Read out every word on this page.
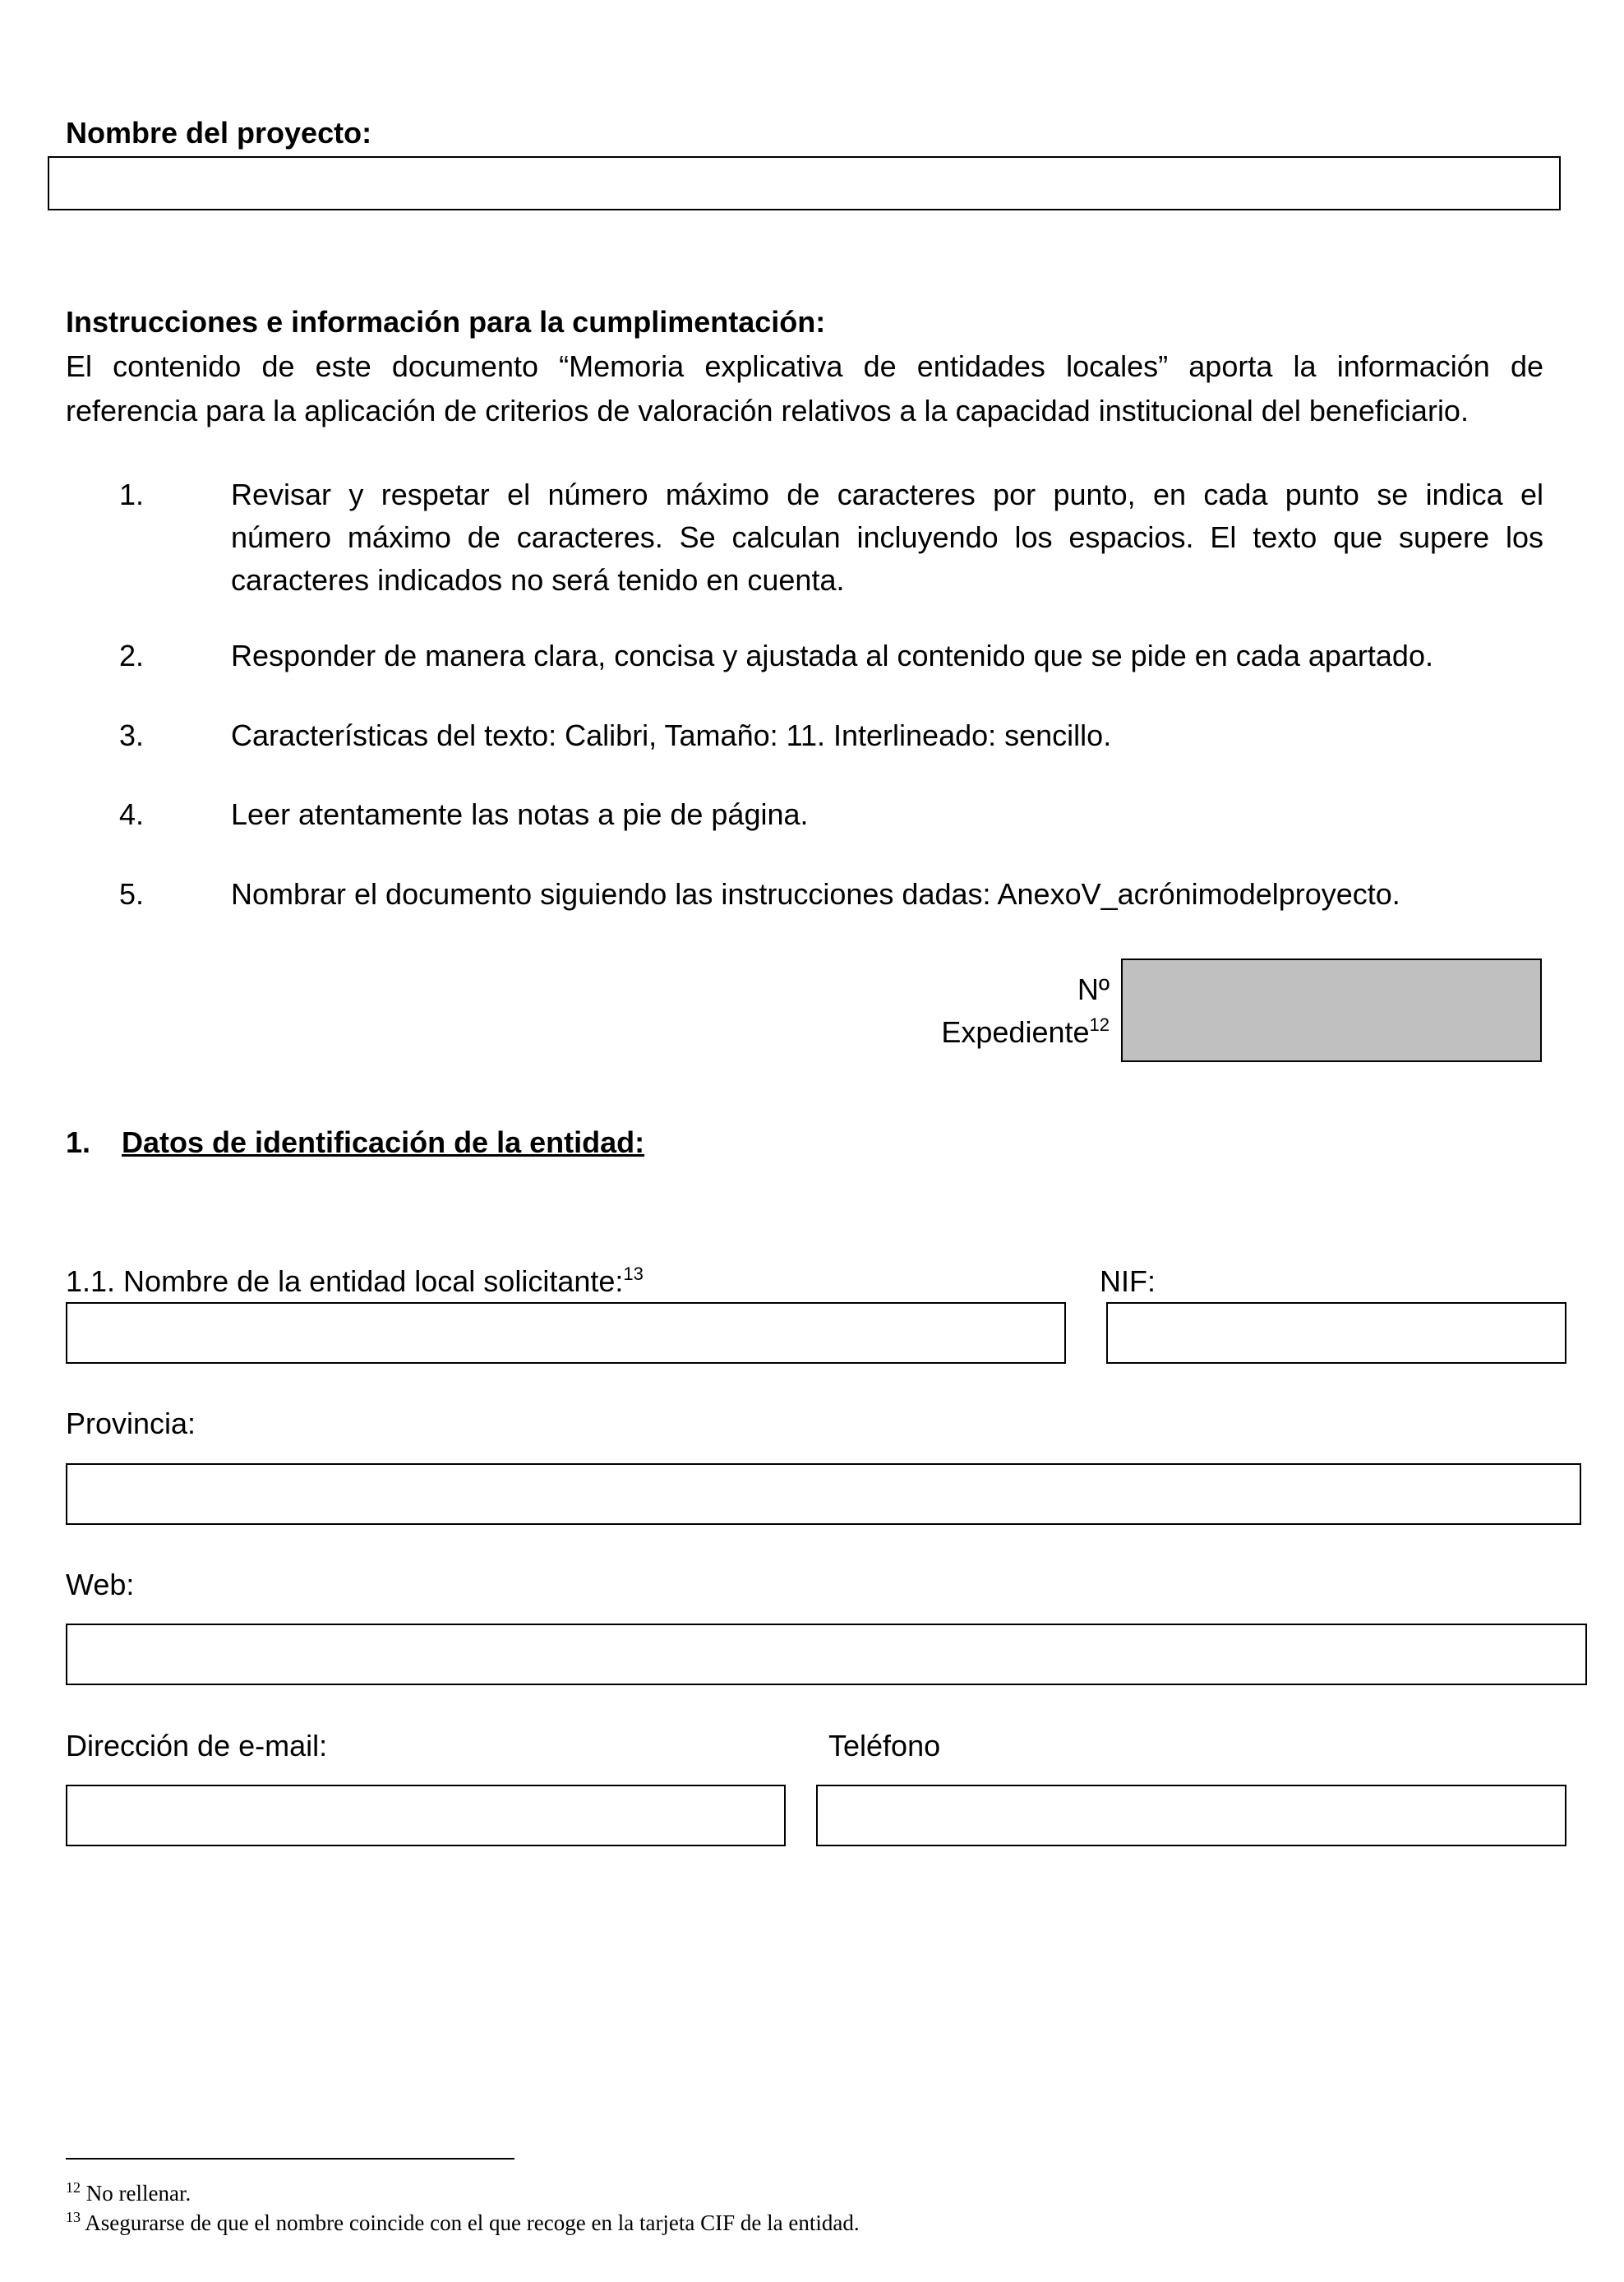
Nombre del proyecto:
Instrucciones e información para la cumplimentación:
El contenido de este documento “Memoria explicativa de entidades locales” aporta la información de
referencia para la aplicación de criterios de valoración relativos a la capacidad institucional del beneficiario.
1.	Revisar y respetar el número máximo de caracteres por punto, en cada punto se indica el
número máximo de caracteres. Se calculan incluyendo los espacios. El texto que supere los
caracteres indicados no será tenido en cuenta.
2.	Responder de manera clara, concisa y ajustada al contenido que se pide en cada apartado.
3.	Características del texto: Calibri, Tamaño: 11. Interlineado: sencillo.
4.	Leer atentamente las notas a pie de página.
5.	Nombrar el documento siguiendo las instrucciones dadas: AnexoV_acrónimodelproyecto.
Nº
Expediente$^{12}$
1. Datos de identificación de la entidad:
1.1. Nombre de la entidad local solicitante:$^{13}$	NIF:
Provincia:
Web:
Dirección de e-mail:	Teléfono
$^{12}$ No rellenar.
$^{13}$ Asegurarse de que el nombre coincide con el que recoge en la tarjeta CIF de la entidad.
